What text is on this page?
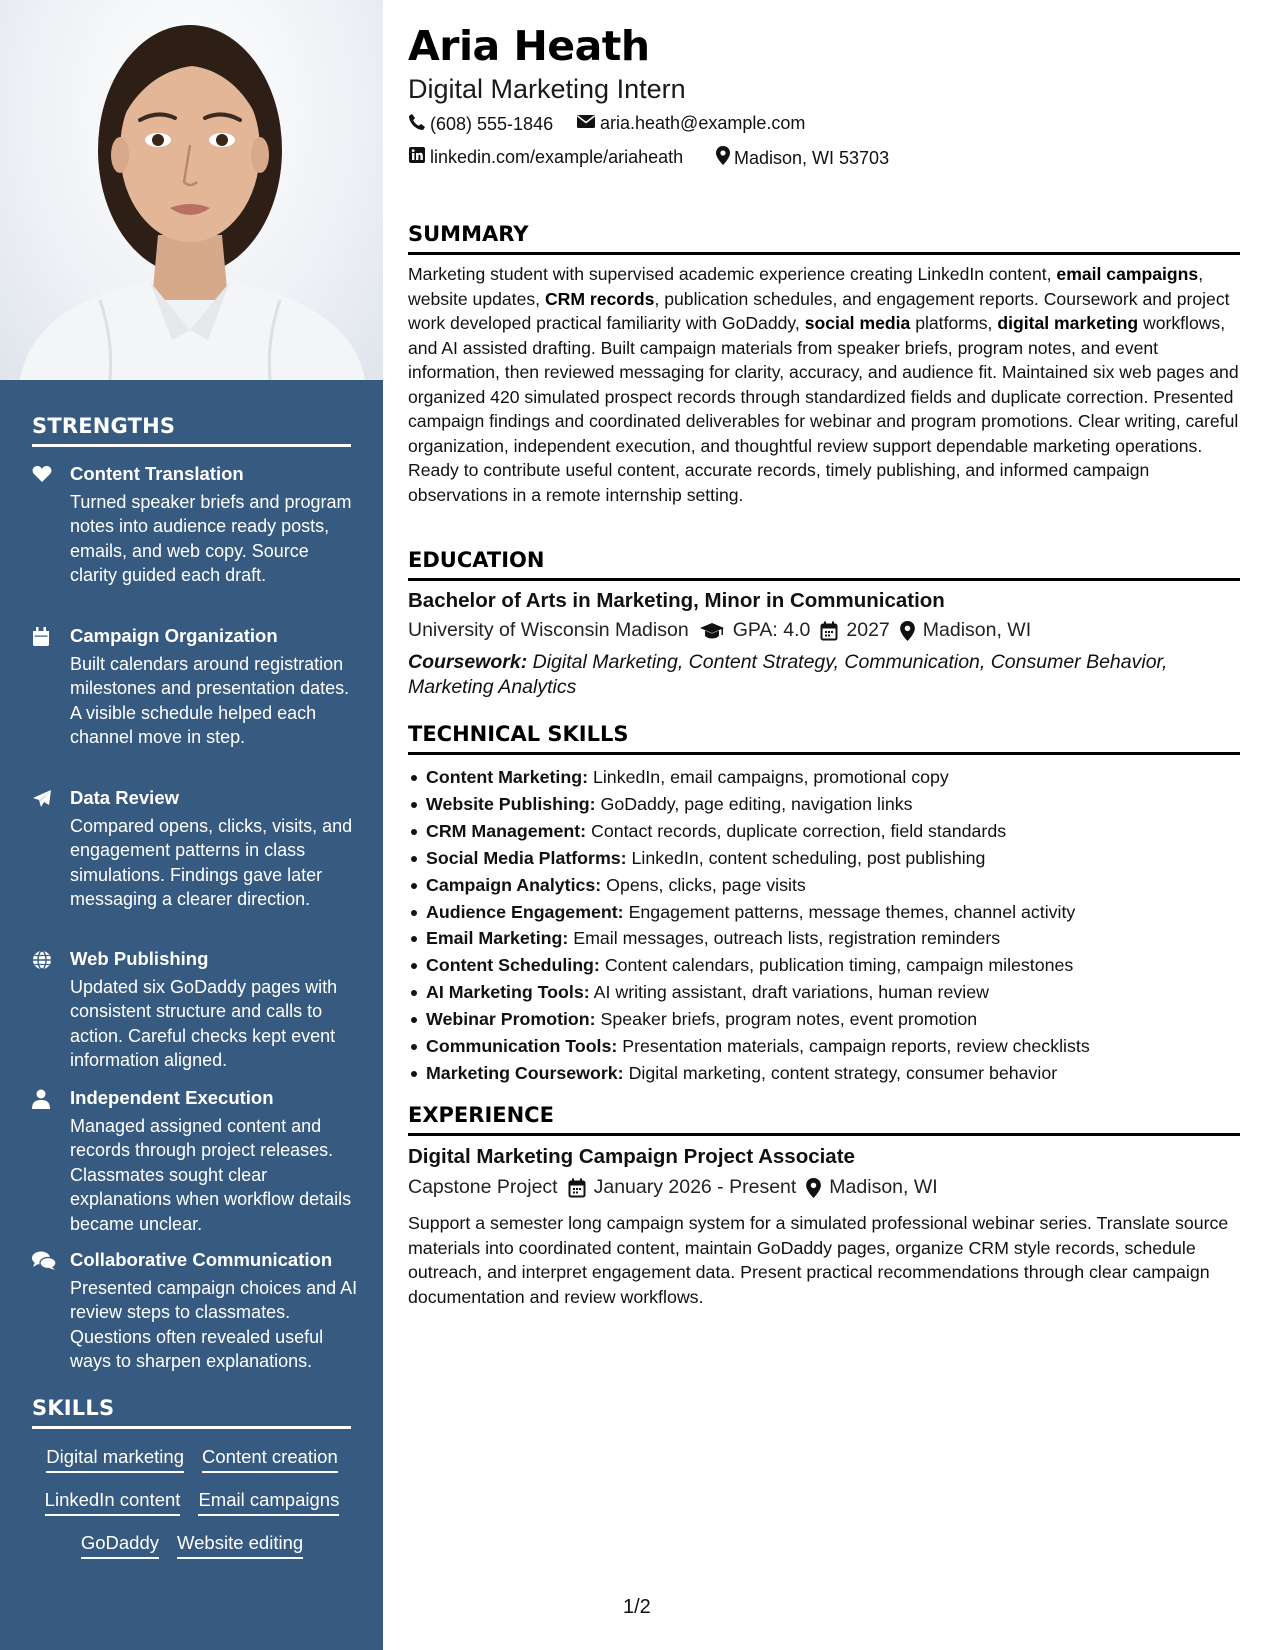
STRENGTHS
Content Translation
Turned speaker briefs and program notes into audience ready posts, emails, and web copy. Source clarity guided each draft.
Campaign Organization
Built calendars around registration milestones and presentation dates. A visible schedule helped each channel move in step.
Data Review
Compared opens, clicks, visits, and engagement patterns in class simulations. Findings gave later messaging a clearer direction.
Web Publishing
Updated six GoDaddy pages with consistent structure and calls to action. Careful checks kept event information aligned.
Independent Execution
Managed assigned content and records through project releases. Classmates sought clear explanations when workflow details became unclear.
Collaborative Communication
Presented campaign choices and AI review steps to classmates. Questions often revealed useful ways to sharpen explanations.
SKILLS
Digital marketing Content creation
LinkedIn content Email campaigns
GoDaddy Website editing
Aria Heath
Digital Marketing Intern
(608) 555-1846	aria.heath@example.com
linkedin.com/example/ariaheath	Madison, WI 53703
SUMMARY
Marketing student with supervised academic experience creating LinkedIn content, email campaigns, website updates, CRM records, publication schedules, and engagement reports. Coursework and project work developed practical familiarity with GoDaddy, social media platforms, digital marketing workflows, and AI assisted drafting. Built campaign materials from speaker briefs, program notes, and event information, then reviewed messaging for clarity, accuracy, and audience fit. Maintained six web pages and organized 420 simulated prospect records through standardized fields and duplicate correction. Presented campaign findings and coordinated deliverables for webinar and program promotions. Clear writing, careful organization, independent execution, and thoughtful review support dependable marketing operations. Ready to contribute useful content, accurate records, timely publishing, and informed campaign observations in a remote internship setting.
EDUCATION
Bachelor of Arts in Marketing, Minor in Communication
University of Wisconsin Madison GPA: 4.0 2027 Madison, WI
Coursework: Digital Marketing, Content Strategy, Communication, Consumer Behavior, Marketing Analytics
TECHNICAL SKILLS
Content Marketing: LinkedIn, email campaigns, promotional copy
Website Publishing: GoDaddy, page editing, navigation links
CRM Management: Contact records, duplicate correction, field standards
Social Media Platforms: LinkedIn, content scheduling, post publishing
Campaign Analytics: Opens, clicks, page visits
Audience Engagement: Engagement patterns, message themes, channel activity
Email Marketing: Email messages, outreach lists, registration reminders
Content Scheduling: Content calendars, publication timing, campaign milestones
AI Marketing Tools: AI writing assistant, draft variations, human review
Webinar Promotion: Speaker briefs, program notes, event promotion
Communication Tools: Presentation materials, campaign reports, review checklists
Marketing Coursework: Digital marketing, content strategy, consumer behavior
EXPERIENCE
Digital Marketing Campaign Project Associate
Capstone Project January 2026 - Present Madison, WI
Support a semester long campaign system for a simulated professional webinar series. Translate source materials into coordinated content, maintain GoDaddy pages, organize CRM style records, schedule outreach, and interpret engagement data. Present practical recommendations through clear campaign documentation and review workflows.
1/2
